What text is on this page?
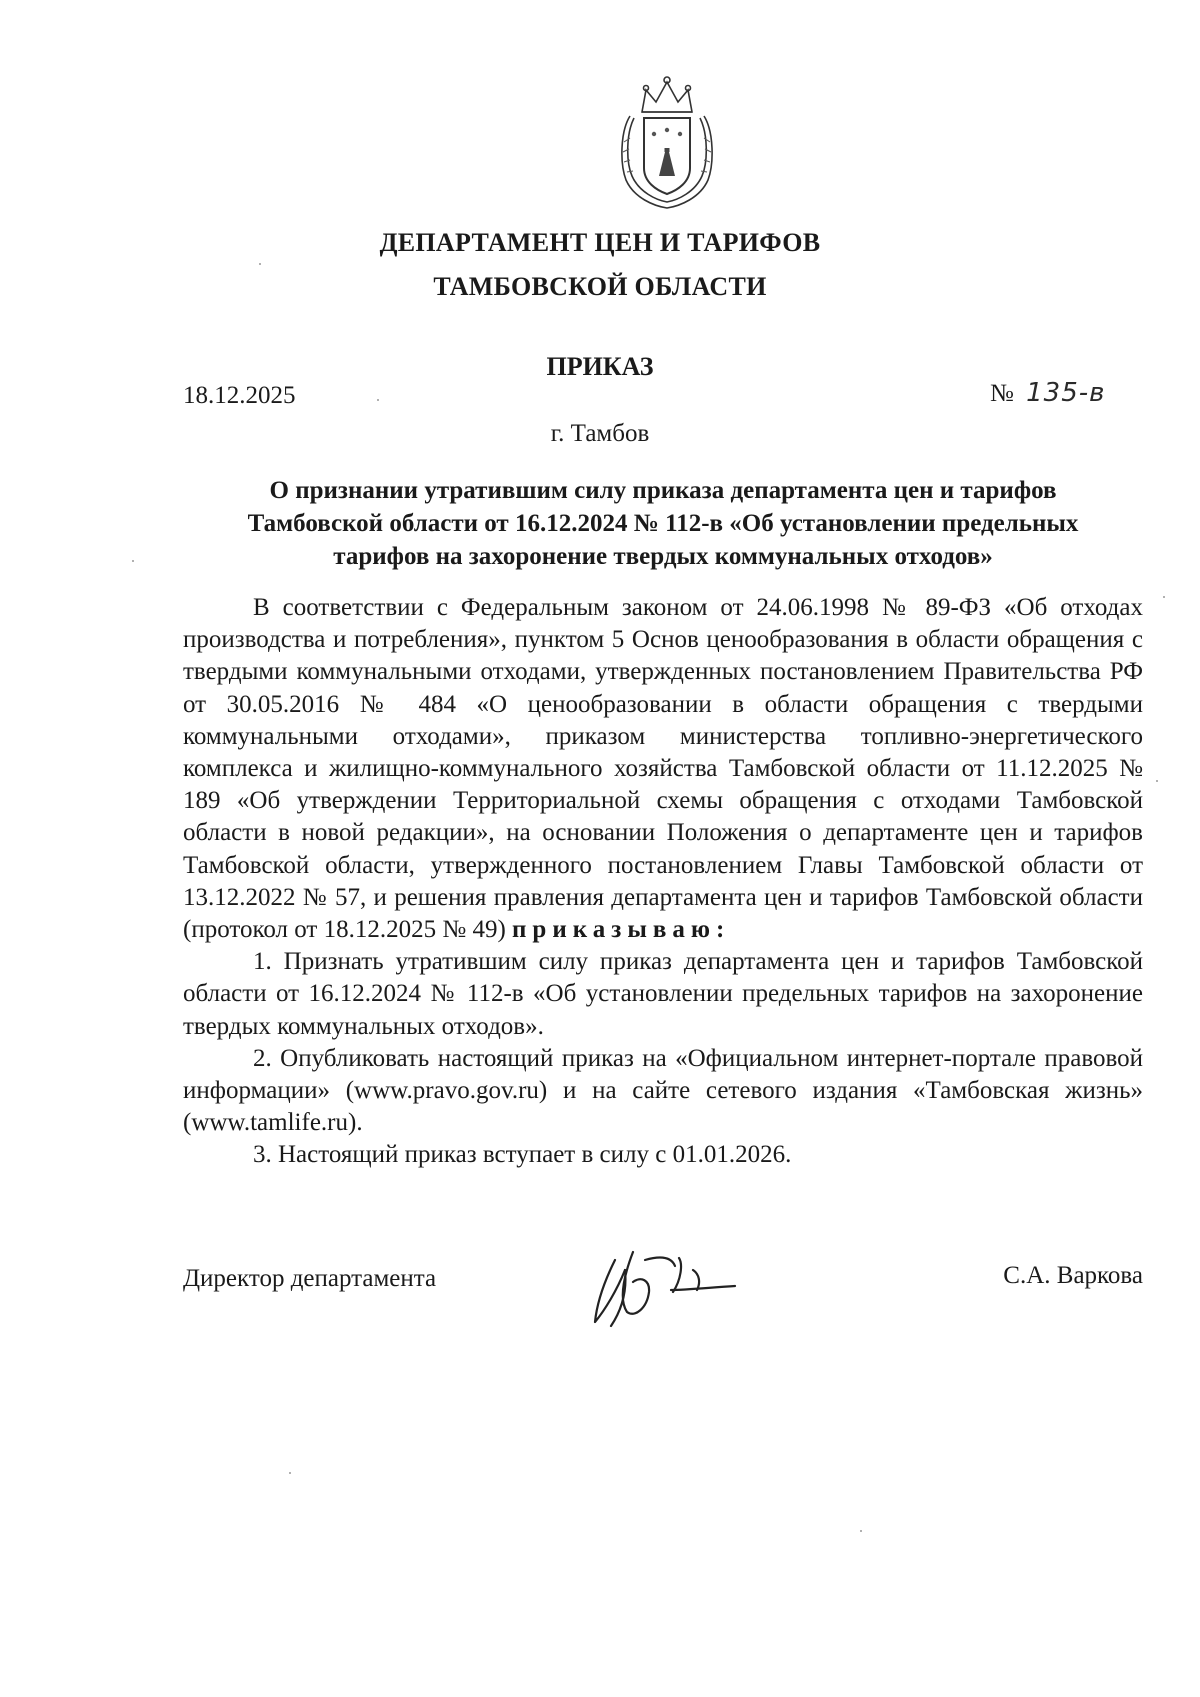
ДЕПАРТАМЕНТ ЦЕН И ТАРИФОВ
ТАМБОВСКОЙ ОБЛАСТИ
ПРИКАЗ
18.12.2025	№ 135-в
г. Тамбов
О признании утратившим силу приказа департамента цен и тарифов
Тамбовской области от 16.12.2024 № 112-в «Об установлении предельных
тарифов на захоронение твердых коммунальных отходов»

В соответствии с Федеральным законом от 24.06.1998 № 89-ФЗ «Об отходах производства и потребления», пунктом 5 Основ ценообразования в области обращения с твердыми коммунальными отходами, утвержденных постановлением Правительства РФ от 30.05.2016 № 484 «О ценообразовании в области обращения с твердыми коммунальными отходами», приказом министерства топливно-энергетического комплекса и жилищно-коммунального хозяйства Тамбовской области от 11.12.2025 № 189 «Об утверждении Территориальной схемы обращения с отходами Тамбовской области в новой редакции», на основании Положения о департаменте цен и тарифов Тамбовской области, утвержденного постановлением Главы Тамбовской области от 13.12.2022 № 57, и решения правления департамента цен и тарифов Тамбовской области (протокол от 18.12.2025 № 49) приказываю:

1. Признать утратившим силу приказ департамента цен и тарифов Тамбовской области от 16.12.2024 № 112-в «Об установлении предельных тарифов на захоронение твердых коммунальных отходов».

2. Опубликовать настоящий приказ на «Официальном интернет-портале правовой информации» (www.pravo.gov.ru) и на сайте сетевого издания «Тамбовская жизнь» (www.tamlife.ru).

3. Настоящий приказ вступает в силу с 01.01.2026.

Директор департамента	С.А. Варкова
